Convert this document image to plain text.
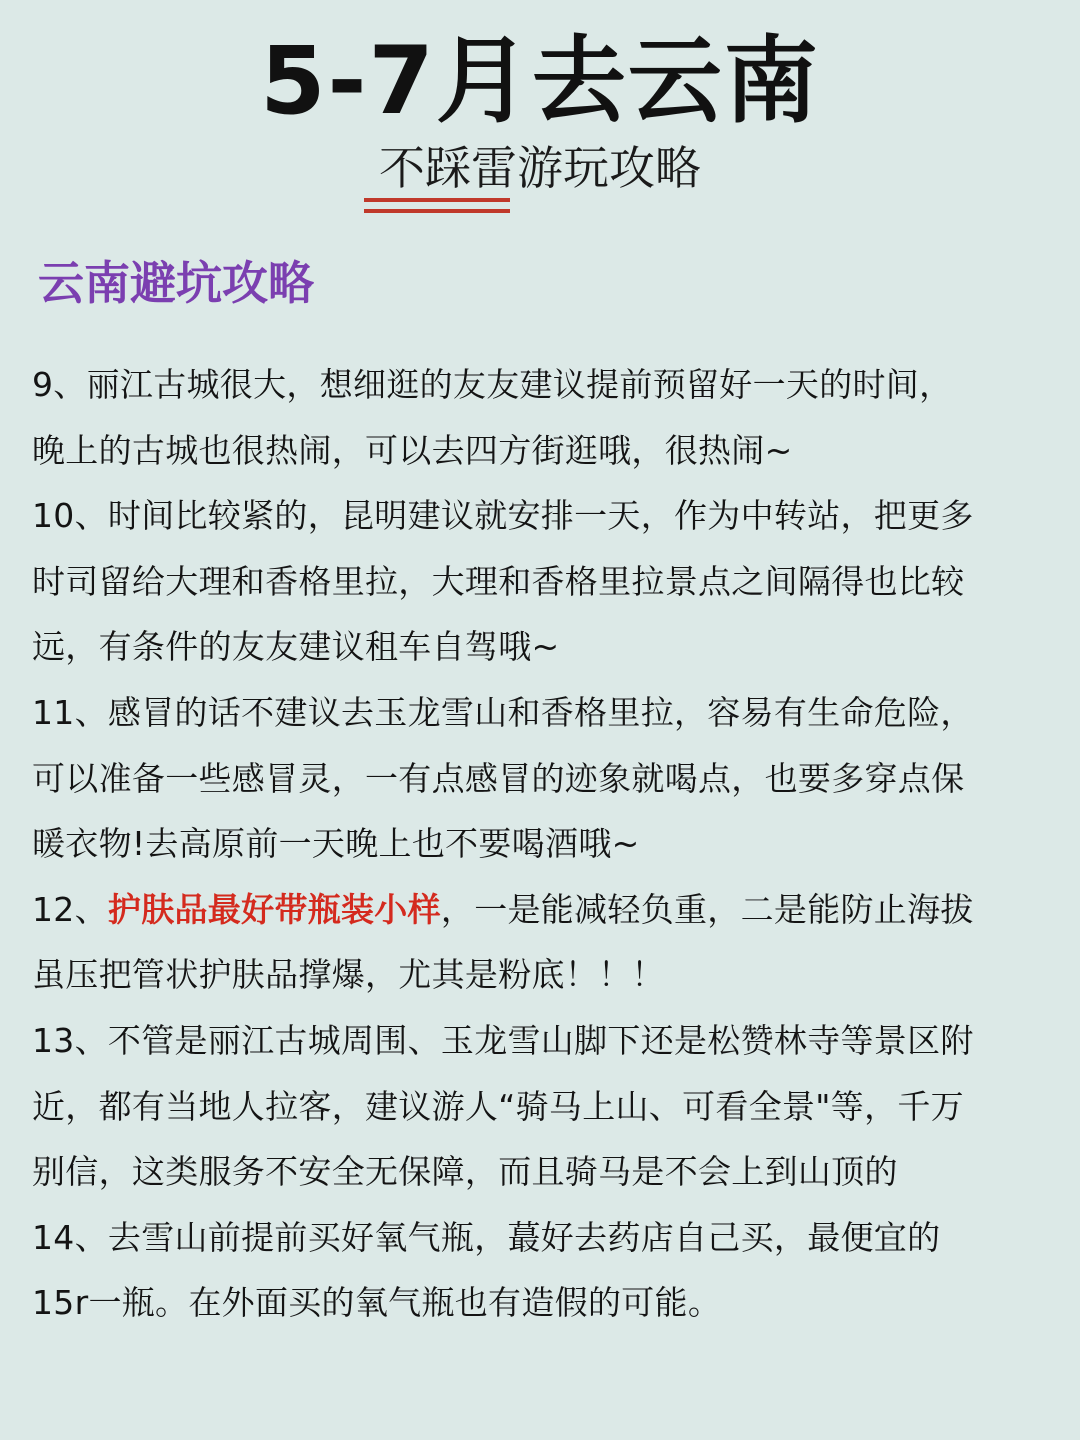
5-7月去云南
不踩雷游玩攻略
云南避坑攻略
9、丽江古城很大，想细逛的友友建议提前预留好一天的时间，
晚上的古城也很热闹，可以去四方街逛哦，很热闹~
10、时间比较紧的，昆明建议就安排一天，作为中转站，把更多
时司留给大理和香格里拉，大理和香格里拉景点之间隔得也比较
远，有条件的友友建议租车自驾哦~
11、感冒的话不建议去玉龙雪山和香格里拉，容易有生命危险，
可以准备一些感冒灵，一有点感冒的迹象就喝点，也要多穿点保
暖衣物!去高原前一天晚上也不要喝酒哦~
12、护肤品最好带瓶装小样，一是能减轻负重，二是能防止海拔
虽压把管状护肤品撑爆，尤其是粉底！！！
13、不管是丽江古城周围、玉龙雪山脚下还是松赞林寺等景区附
近，都有当地人拉客，建议游人“骑马上山、可看全景"等，千万
别信，这类服务不安全无保障，而且骑马是不会上到山顶的
14、去雪山前提前买好氧气瓶，蕞好去药店自己买，最便宜的
15r一瓶。在外面买的氧气瓶也有造假的可能。
